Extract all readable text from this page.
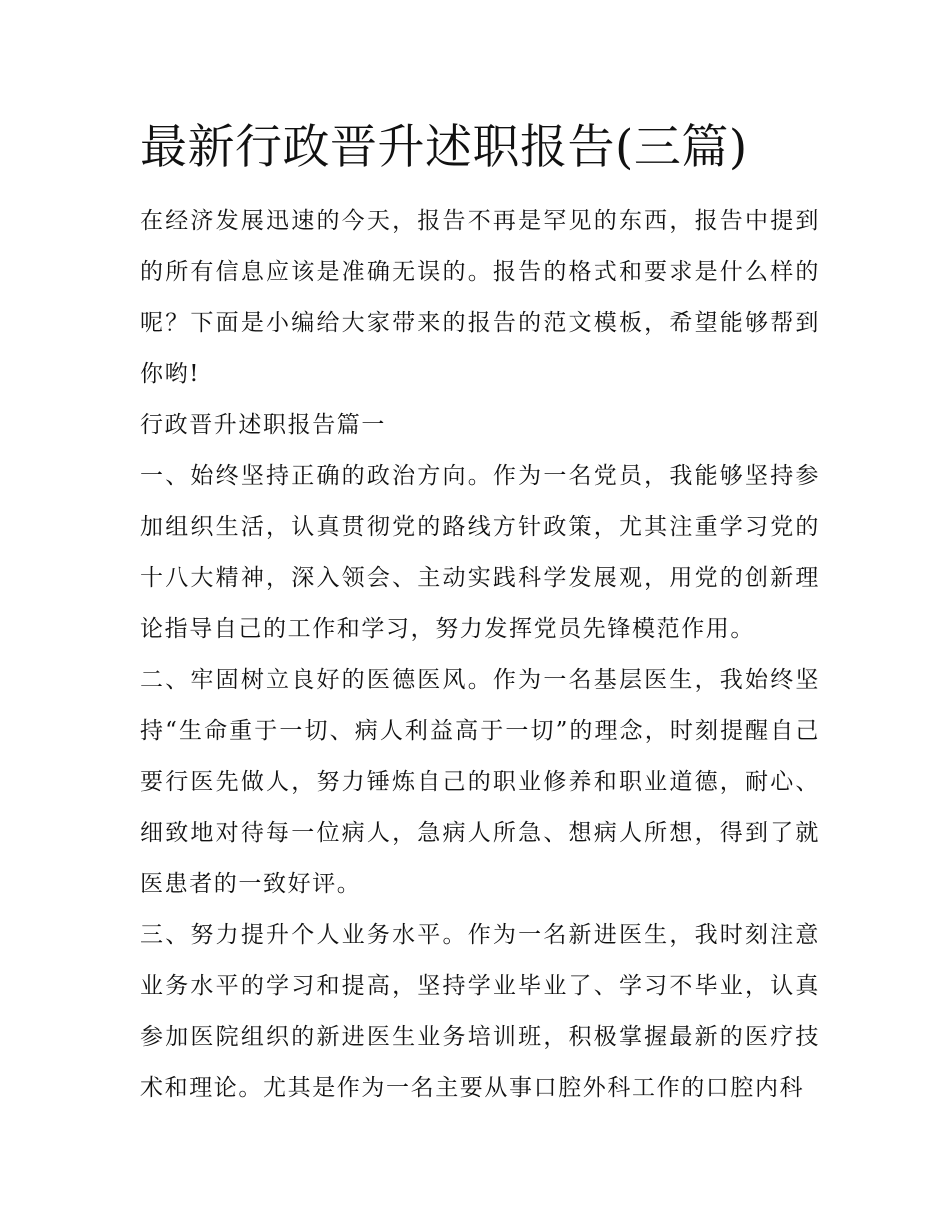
最新行政晋升述职报告(三篇)

在经济发展迅速的今天，报告不再是罕见的东西，报告中提到的所有信息应该是准确无误的。报告的格式和要求是什么样的呢？下面是小编给大家带来的报告的范文模板，希望能够帮到你哟!

行政晋升述职报告篇一

一、始终坚持正确的政治方向。作为一名党员，我能够坚持参加组织生活，认真贯彻党的路线方针政策，尤其注重学习党的十八大精神，深入领会、主动实践科学发展观，用党的创新理论指导自己的工作和学习，努力发挥党员先锋模范作用。

二、牢固树立良好的医德医风。作为一名基层医生，我始终坚持“生命重于一切、病人利益高于一切”的理念，时刻提醒自己要行医先做人，努力锤炼自己的职业修养和职业道德，耐心、细致地对待每一位病人，急病人所急、想病人所想，得到了就医患者的一致好评。

三、努力提升个人业务水平。作为一名新进医生，我时刻注意业务水平的学习和提高，坚持学业毕业了、学习不毕业，认真参加医院组织的新进医生业务培训班，积极掌握最新的医疗技术和理论。尤其是作为一名主要从事口腔外科工作的口腔内科
